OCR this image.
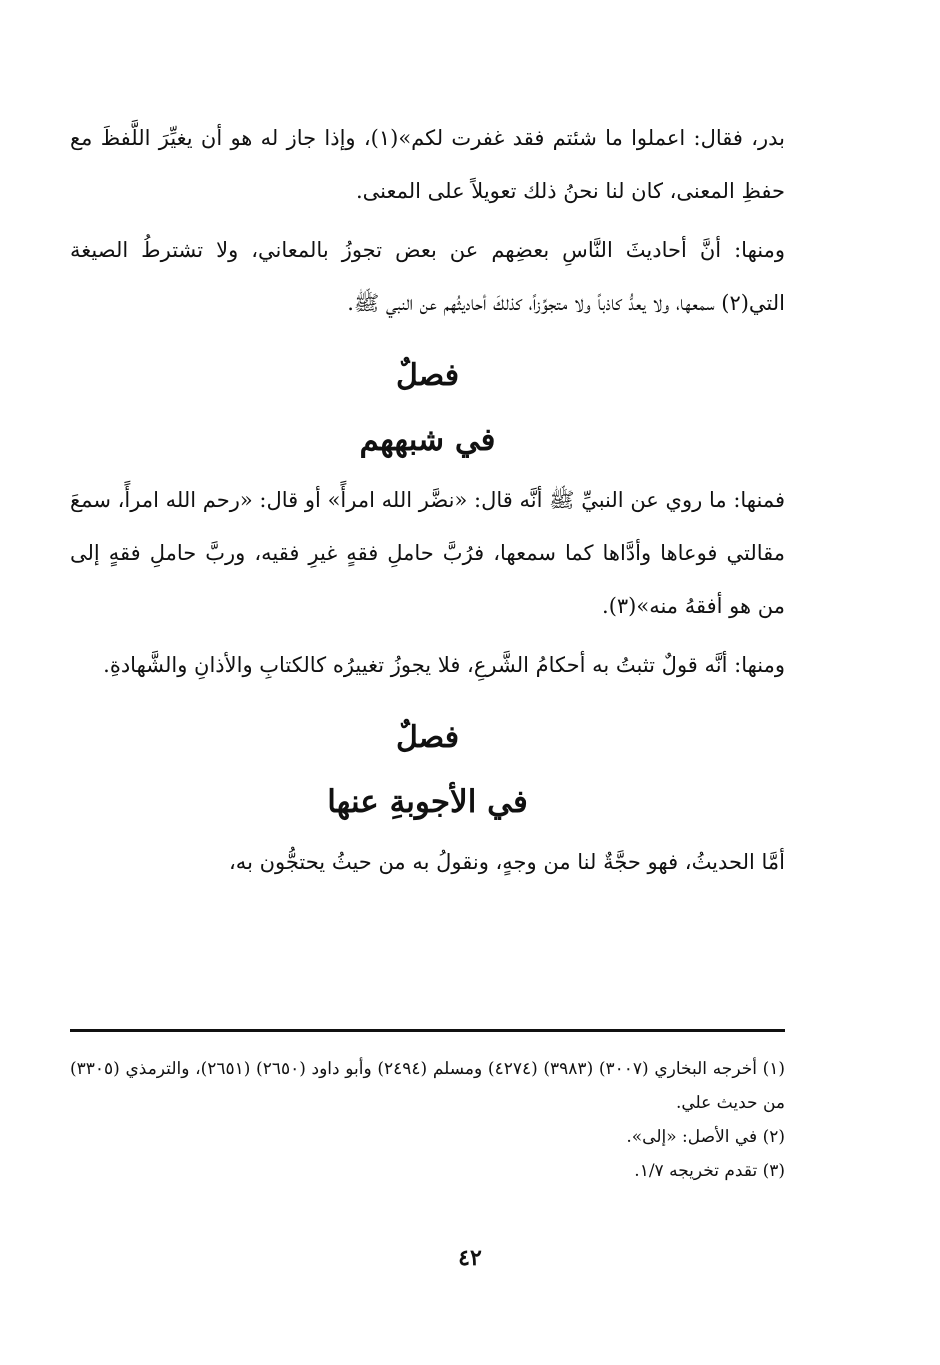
بدر، فقال: اعملوا ما شئتم فقد غفرت لكم»(١)، وإذا جاز له هو أن يغيِّرَ اللَّفظَ مع حفظِ المعنى، كان لنا نحنُ ذلك تعويلاً على المعنى.

ومنها: أنَّ أحاديثَ النَّاسِ بعضِهم عن بعض تجوزُ بالمعاني، ولا تشترطُ الصيغة التي(٢) سمعها، ولا يعدُّ كاذباً ولا متجوِّزاً، كذلكَ أحاديثُهم عن النبي ﷺ.

فصلٌ

في شبههم

فمنها: ما روي عن النبيِّ ﷺ أنَّه قال: «نضَّر الله امرأً» أو قال: «رحم الله امرأً، سمعَ مقالتي فوعاها وأدَّاها كما سمعها، فرُبَّ حاملِ فقهٍ غيرِ فقيه، وربَّ حاملِ فقهٍ إلى من هو أفقهُ منه»(٣).

ومنها: أنَّه قولٌ تثبتُ به أحكامُ الشَّرعِ، فلا يجوزُ تغييرُه كالكتابِ والأذانِ والشَّهادةِ.

فصلٌ

في الأجوبةِ عنها

أمَّا الحديثُ، فهو حجَّةٌ لنا من وجهٍ، ونقولُ به من حيثُ يحتجُّون به،

(١) أخرجه البخاري (٣٠٠٧) (٣٩٨٣) (٤٢٧٤) ومسلم (٢٤٩٤) وأبو داود (٢٦٥٠) (٢٦٥١)، والترمذي (٣٣٠٥) من حديث علي.

(٢) في الأصل: «إلى».

(٣) تقدم تخريجه ١/٧.

٤٢
